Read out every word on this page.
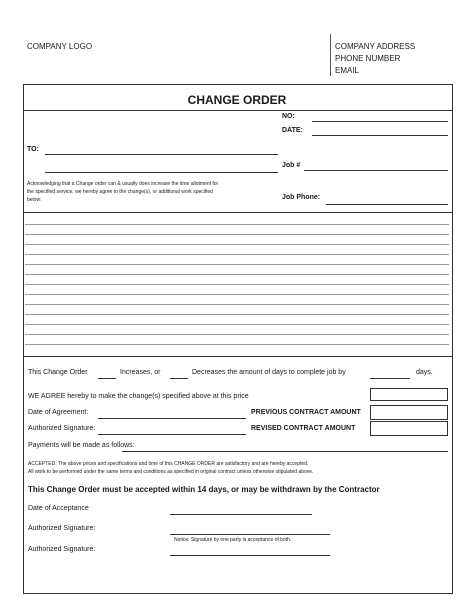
COMPANY LOGO	COMPANY ADDRESS
PHONE NUMBER
EMAIL
CHANGE ORDER
NO:
DATE:
TO:
Job #
Acknowledging that a Change order can & usually does increase the time allotment for
the specified service, we hereby agree to the change(s), or additional work specified
below:	Job Phone:
This Change Order	Increases, or	Decreases the amount of days to complete job by	days.
WE AGREE hereby to make the change(s) specified above at this price
Date of Agreement:	PREVIOUS CONTRACT AMOUNT
Authorized Signature:	REVISED CONTRACT AMOUNT
Payments will be made as follows:
ACCEPTED: The above prices and specifications and time of this CHANGE ORDER are satisfactory and are hereby accepted.
All work to be performed under the same terms and conditions as specified in original contract unless otherwise stipulated above.
This Change Order must be accepted within 14 days, or may be withdrawn by the Contractor
Date of Acceptance
Authorized Signature:
Notice: Signature by one party is acceptance of both.
Authorized Signature:
